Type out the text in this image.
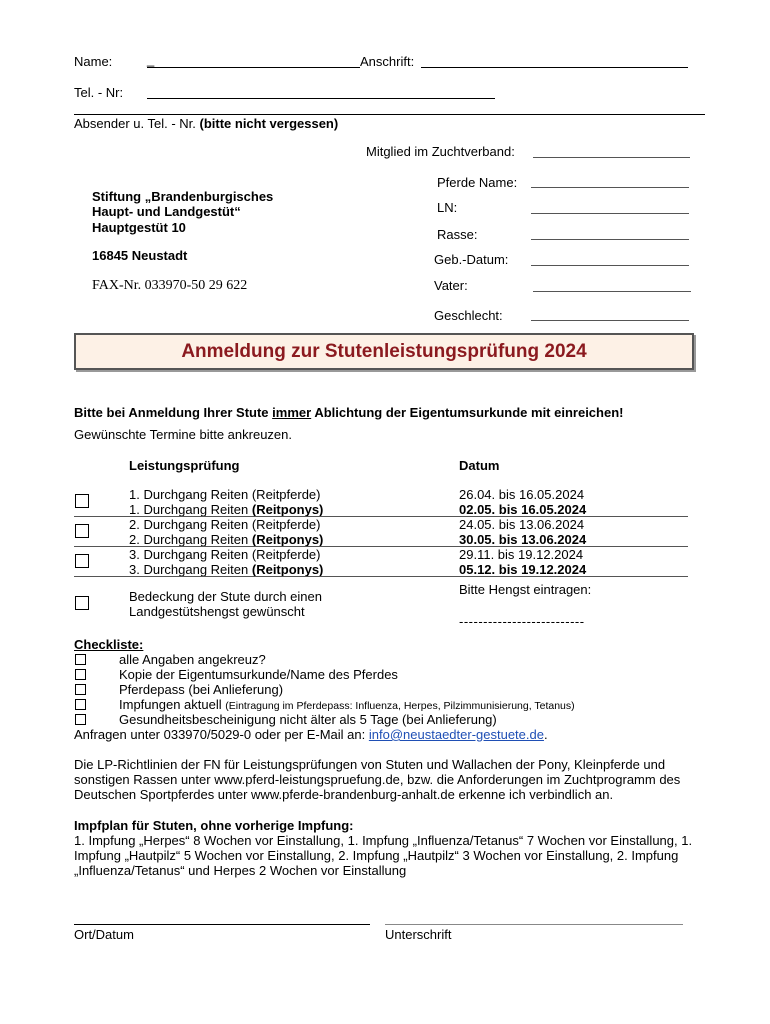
Name:	_	Anschrift:
Tel. - Nr:
Absender u. Tel. - Nr. (bitte nicht vergessen)
Mitglied im Zuchtverband:
Stiftung „Brandenburgisches
Haupt- und Landgestüt“
Hauptgestüt 10
16845 Neustadt
FAX-Nr. 033970-50 29 622
Pferde Name:
LN:
Rasse:
Geb.-Datum:
Vater:
Geschlecht:
Anmeldung zur Stutenleistungsprüfung 2024
Bitte bei Anmeldung Ihrer Stute immer Ablichtung der Eigentumsurkunde mit einreichen!
Gewünschte Termine bitte ankreuzen.
Leistungsprüfung	Datum
1. Durchgang Reiten (Reitpferde)	26.04. bis 16.05.2024
1. Durchgang Reiten (Reitponys)	02.05. bis 16.05.2024
2. Durchgang Reiten (Reitpferde)	24.05. bis 13.06.2024
2. Durchgang Reiten (Reitponys)	30.05. bis 13.06.2024
3. Durchgang Reiten (Reitpferde)	29.11. bis 19.12.2024
3. Durchgang Reiten (Reitponys)	05.12. bis 19.12.2024
Bedeckung der Stute durch einen
Landgestütshengst gewünscht
Bitte Hengst eintragen:
--------------------------
Checkliste:
alle Angaben angekreuz?
Kopie der Eigentumsurkunde/Name des Pferdes
Pferdepass (bei Anlieferung)
Impfungen aktuell (Eintragung im Pferdepass: Influenza, Herpes, Pilzimmunisierung, Tetanus)
Gesundheitsbescheinigung nicht älter als 5 Tage (bei Anlieferung)
Anfragen unter 033970/5029-0 oder per E-Mail an: info@neustaedter-gestuete.de.
Die LP-Richtlinien der FN für Leistungsprüfungen von Stuten und Wallachen der Pony, Kleinpferde und sonstigen Rassen unter www.pferd-leistungspruefung.de, bzw. die Anforderungen im Zuchtprogramm des Deutschen Sportpferdes unter www.pferde-brandenburg-anhalt.de erkenne ich verbindlich an.
Impfplan für Stuten, ohne vorherige Impfung:
1. Impfung „Herpes“ 8 Wochen vor Einstallung, 1. Impfung „Influenza/Tetanus“ 7 Wochen vor Einstallung, 1. Impfung „Hautpilz“ 5 Wochen vor Einstallung, 2. Impfung „Hautpilz“ 3 Wochen vor Einstallung, 2. Impfung „Influenza/Tetanus“ und Herpes 2 Wochen vor Einstallung
Ort/Datum	Unterschrift
